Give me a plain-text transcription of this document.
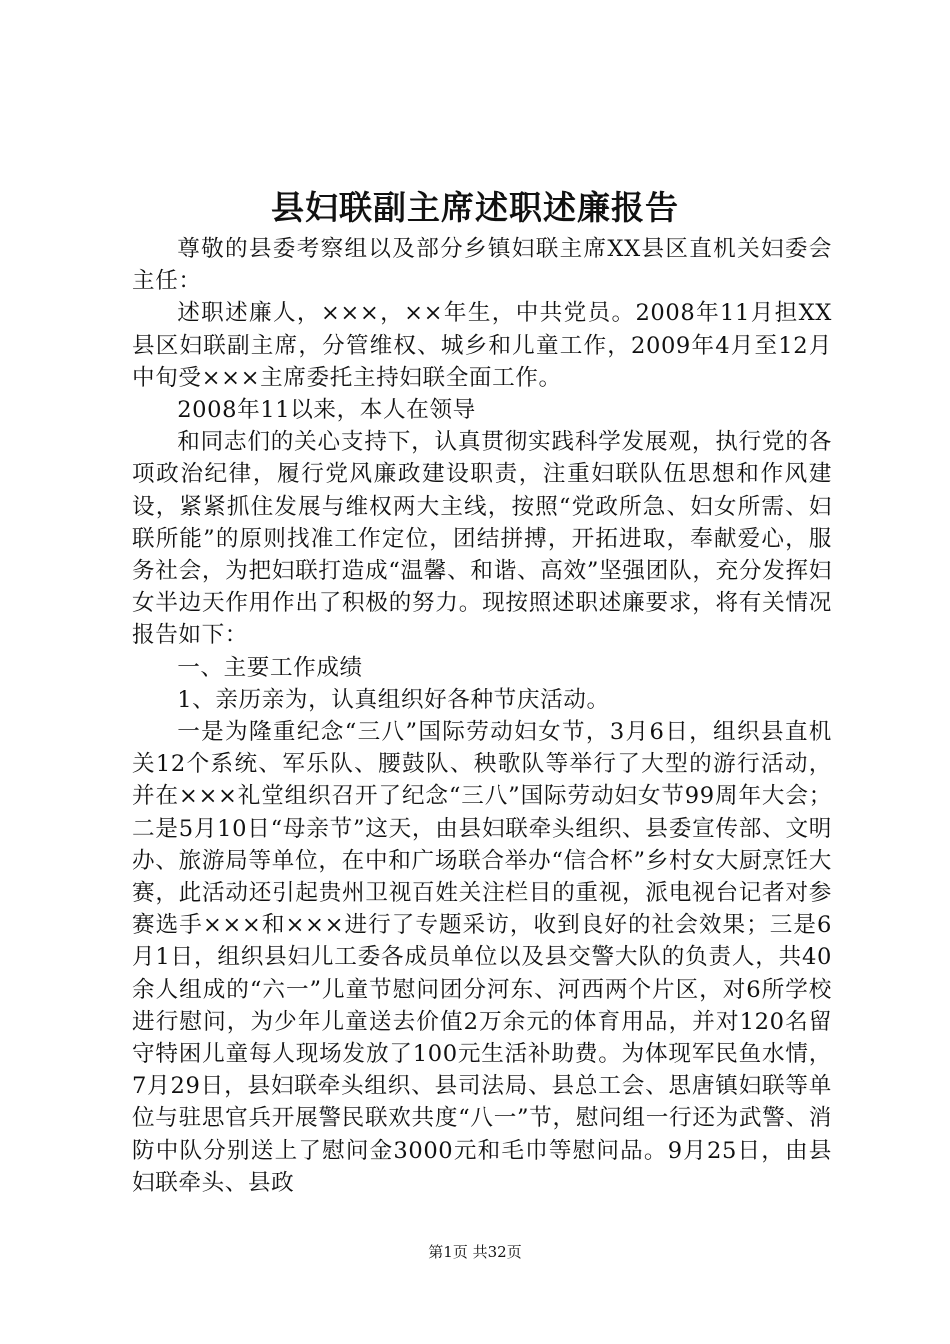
县妇联副主席述职述廉报告

尊敬的县委考察组以及部分乡镇妇联主席XX县区直机关妇委会主任：

述职述廉人，×××，××年生，中共党员。2008年11月担XX县区妇联副主席，分管维权、城乡和儿童工作，2009年4月至12月中旬受×××主席委托主持妇联全面工作。

2008年11以来，本人在领导

和同志们的关心支持下，认真贯彻实践科学发展观，执行党的各项政治纪律，履行党风廉政建设职责，注重妇联队伍思想和作风建设，紧紧抓住发展与维权两大主线，按照“党政所急、妇女所需、妇联所能”的原则找准工作定位，团结拼搏，开拓进取，奉献爱心，服务社会，为把妇联打造成“温馨、和谐、高效”坚强团队，充分发挥妇女半边天作用作出了积极的努力。现按照述职述廉要求，将有关情况报告如下：

一、主要工作成绩

1、亲历亲为，认真组织好各种节庆活动。

一是为隆重纪念“三八”国际劳动妇女节，3月6日，组织县直机关12个系统、军乐队、腰鼓队、秧歌队等举行了大型的游行活动，并在×××礼堂组织召开了纪念“三八”国际劳动妇女节99周年大会；二是5月10日“母亲节”这天，由县妇联牵头组织、县委宣传部、文明办、旅游局等单位，在中和广场联合举办“信合杯”乡村女大厨烹饪大赛，此活动还引起贵州卫视百姓关注栏目的重视，派电视台记者对参赛选手×××和×××进行了专题采访，收到良好的社会效果；三是6月1日，组织县妇儿工委各成员单位以及县交警大队的负责人，共40余人组成的“六一”儿童节慰问团分河东、河西两个片区，对6所学校进行慰问，为少年儿童送去价值2万余元的体育用品，并对120名留守特困儿童每人现场发放了100元生活补助费。为体现军民鱼水情，7月29日，县妇联牵头组织、县司法局、县总工会、思唐镇妇联等单位与驻思官兵开展警民联欢共度“八一”节，慰问组一行还为武警、消防中队分别送上了慰问金3000元和毛巾等慰问品。9月25日，由县妇联牵头、县政

第1页 共32页
